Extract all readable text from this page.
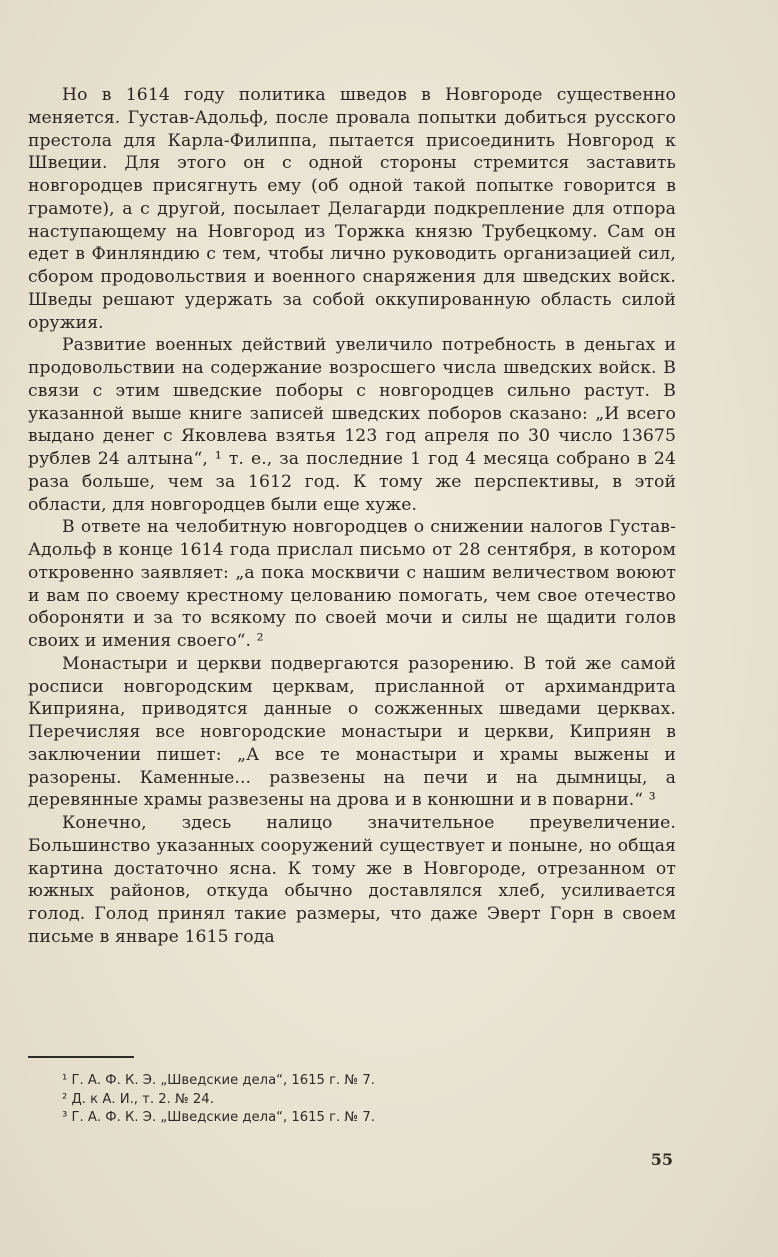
Но в 1614 году политика шведов в Новгороде существенно меняется. Густав-Адольф, после провала попытки добиться русского престола для Карла-Филиппа, пытается присоединить Новгород к Швеции. Для этого он с одной стороны стремится заставить новгородцев присягнуть ему (об одной такой попытке говорится в грамоте), а с другой, посылает Делагарди подкрепление для отпора наступающему на Новгород из Торжка князю Трубецкому. Сам он едет в Финляндию с тем, чтобы лично руководить организацией сил, сбором продовольствия и военного снаряжения для шведских войск. Шведы решают удержать за собой оккупированную область силой оружия.

Развитие военных действий увеличило потребность в деньгах и продовольствии на содержание возросшего числа шведских войск. В связи с этим шведские поборы с новгородцев сильно растут. В указанной выше книге записей шведских поборов сказано: „И всего выдано денег с Яковлева взятья 123 год апреля по 30 число 13675 рублев 24 алтына“, ¹ т. е., за последние 1 год 4 месяца собрано в 24 раза больше, чем за 1612 год. К тому же перспективы, в этой области, для новгородцев были еще хуже.

В ответе на челобитную новгородцев о снижении налогов Густав-Адольф в конце 1614 года прислал письмо от 28 сентября, в котором откровенно заявляет: „а пока москвичи с нашим величеством воюют и вам по своему крестному целованию помогать, чем свое отечество обороняти и за то всякому по своей мочи и силы не щадити голов своих и имения своего“. ²

Монастыри и церкви подвергаются разорению. В той же самой росписи новгородским церквам, присланной от архимандрита Киприяна, приводятся данные о сожженных шведами церквах. Перечисляя все новгородские монастыри и церкви, Киприян в заключении пишет: „А все те монастыри и храмы выжены и разорены. Каменные... развезены на печи и на дымницы, а деревянные храмы развезены на дрова и в конюшни и в поварни.“ ³

Конечно, здесь налицо значительное преувеличение. Большинство указанных сооружений существует и поныне, но общая картина достаточно ясна. К тому же в Новгороде, отрезанном от южных районов, откуда обычно доставлялся хлеб, усиливается голод. Голод принял такие размеры, что даже Эверт Горн в своем письме в январе 1615 года

¹ Г. А. Ф. К. Э. „Шведские дела“, 1615 г. № 7.

² Д. к А. И., т. 2. № 24.

³ Г. А. Ф. К. Э. „Шведские дела“, 1615 г. № 7.

55
